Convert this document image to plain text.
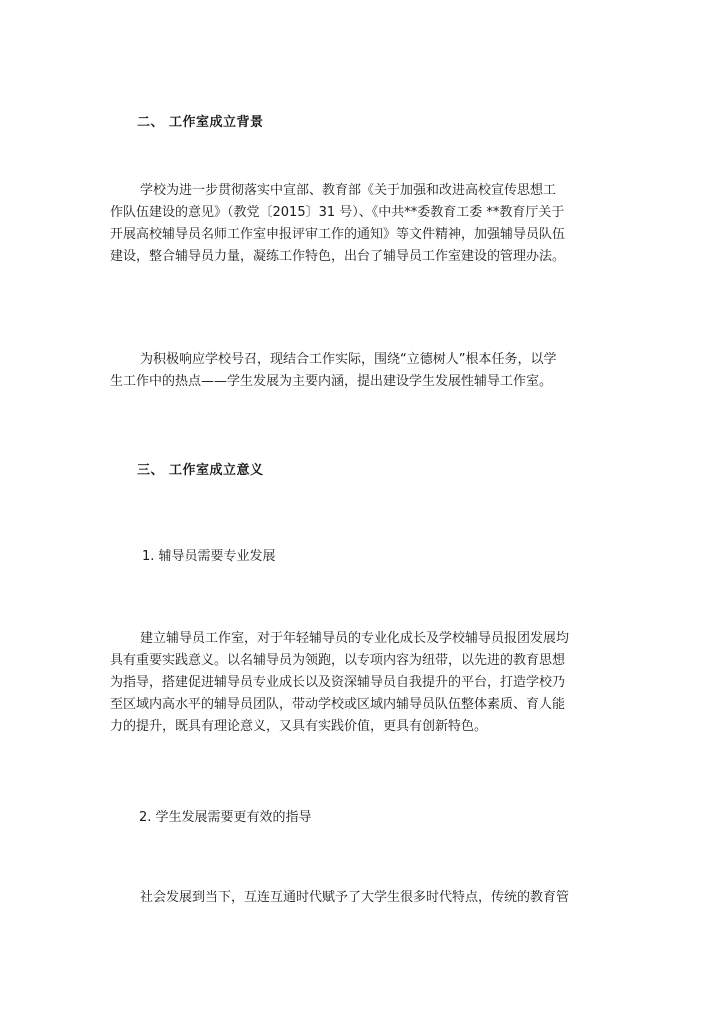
二、 工作室成立背景
学校为进一步贯彻落实中宣部、教育部《关于加强和改进高校宣传思想工
作队伍建设的意见》（教党〔2015〕31 号）、《中共**委教育工委 **教育厅关于
开展高校辅导员名师工作室申报评审工作的通知》等文件精神，加强辅导员队伍
建设，整合辅导员力量，凝练工作特色，出台了辅导员工作室建设的管理办法。
为积极响应学校号召，现结合工作实际，围绕“立德树人”根本任务，以学
生工作中的热点——学生发展为主要内涵，提出建设学生发展性辅导工作室。
三、 工作室成立意义
1. 辅导员需要专业发展
建立辅导员工作室，对于年轻辅导员的专业化成长及学校辅导员报团发展均
具有重要实践意义。以名辅导员为领跑，以专项内容为纽带，以先进的教育思想
为指导，搭建促进辅导员专业成长以及资深辅导员自我提升的平台，打造学校乃
至区域内高水平的辅导员团队，带动学校或区域内辅导员队伍整体素质、育人能
力的提升，既具有理论意义，又具有实践价值，更具有创新特色。
2. 学生发展需要更有效的指导
社会发展到当下，互连互通时代赋予了大学生很多时代特点，传统的教育管
